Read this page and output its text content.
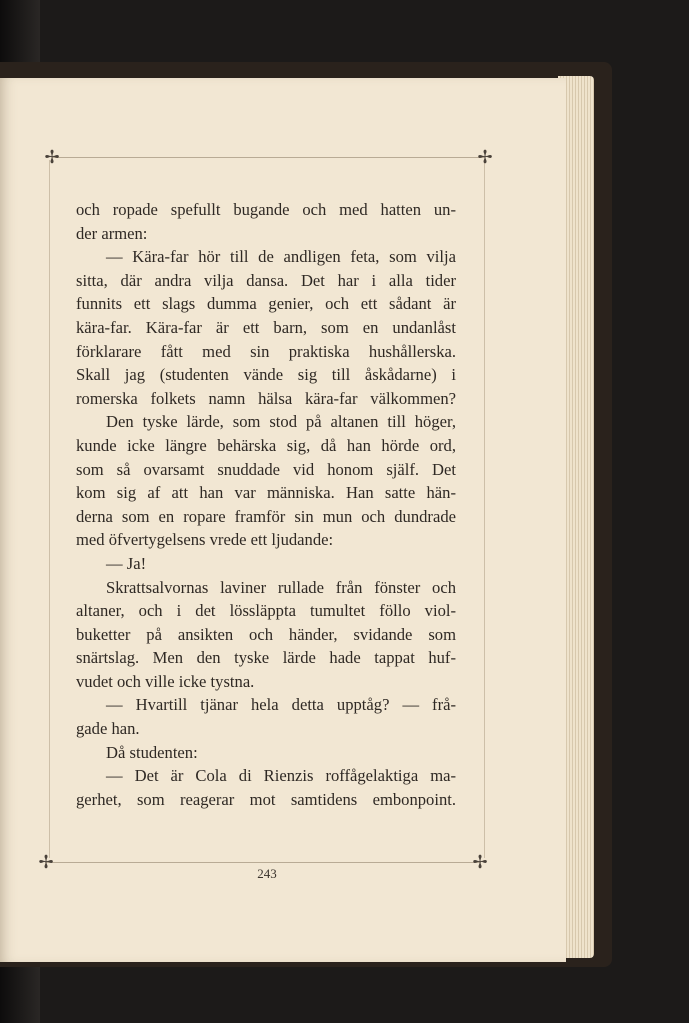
✢	✢
✢	✢
och ropade spefullt bugande och med hatten un-
der armen:
— Kära-far hör till de andligen feta, som vilja
sitta, där andra vilja dansa. Det har i alla tider
funnits ett slags dumma genier, och ett sådant är
kära-far. Kära-far är ett barn, som en undanlåst
förklarare fått med sin praktiska hushållerska.
Skall jag (studenten vände sig till åskådarne) i
romerska folkets namn hälsa kära-far välkommen?
Den tyske lärde, som stod på altanen till höger,
kunde icke längre behärska sig, då han hörde ord,
som så ovarsamt snuddade vid honom själf. Det
kom sig af att han var människa. Han satte hän-
derna som en ropare framför sin mun och dundrade
med öfvertygelsens vrede ett ljudande:
— Ja!
Skrattsalvornas laviner rullade från fönster och
altaner, och i det lössläppta tumultet föllo viol-
buketter på ansikten och händer, svidande som
snärtslag. Men den tyske lärde hade tappat huf-
vudet och ville icke tystna.
— Hvartill tjänar hela detta upptåg? — frå-
gade han.
Då studenten:
— Det är Cola di Rienzis roffågelaktiga ma-
gerhet, som reagerar mot samtidens embonpoint.
243
